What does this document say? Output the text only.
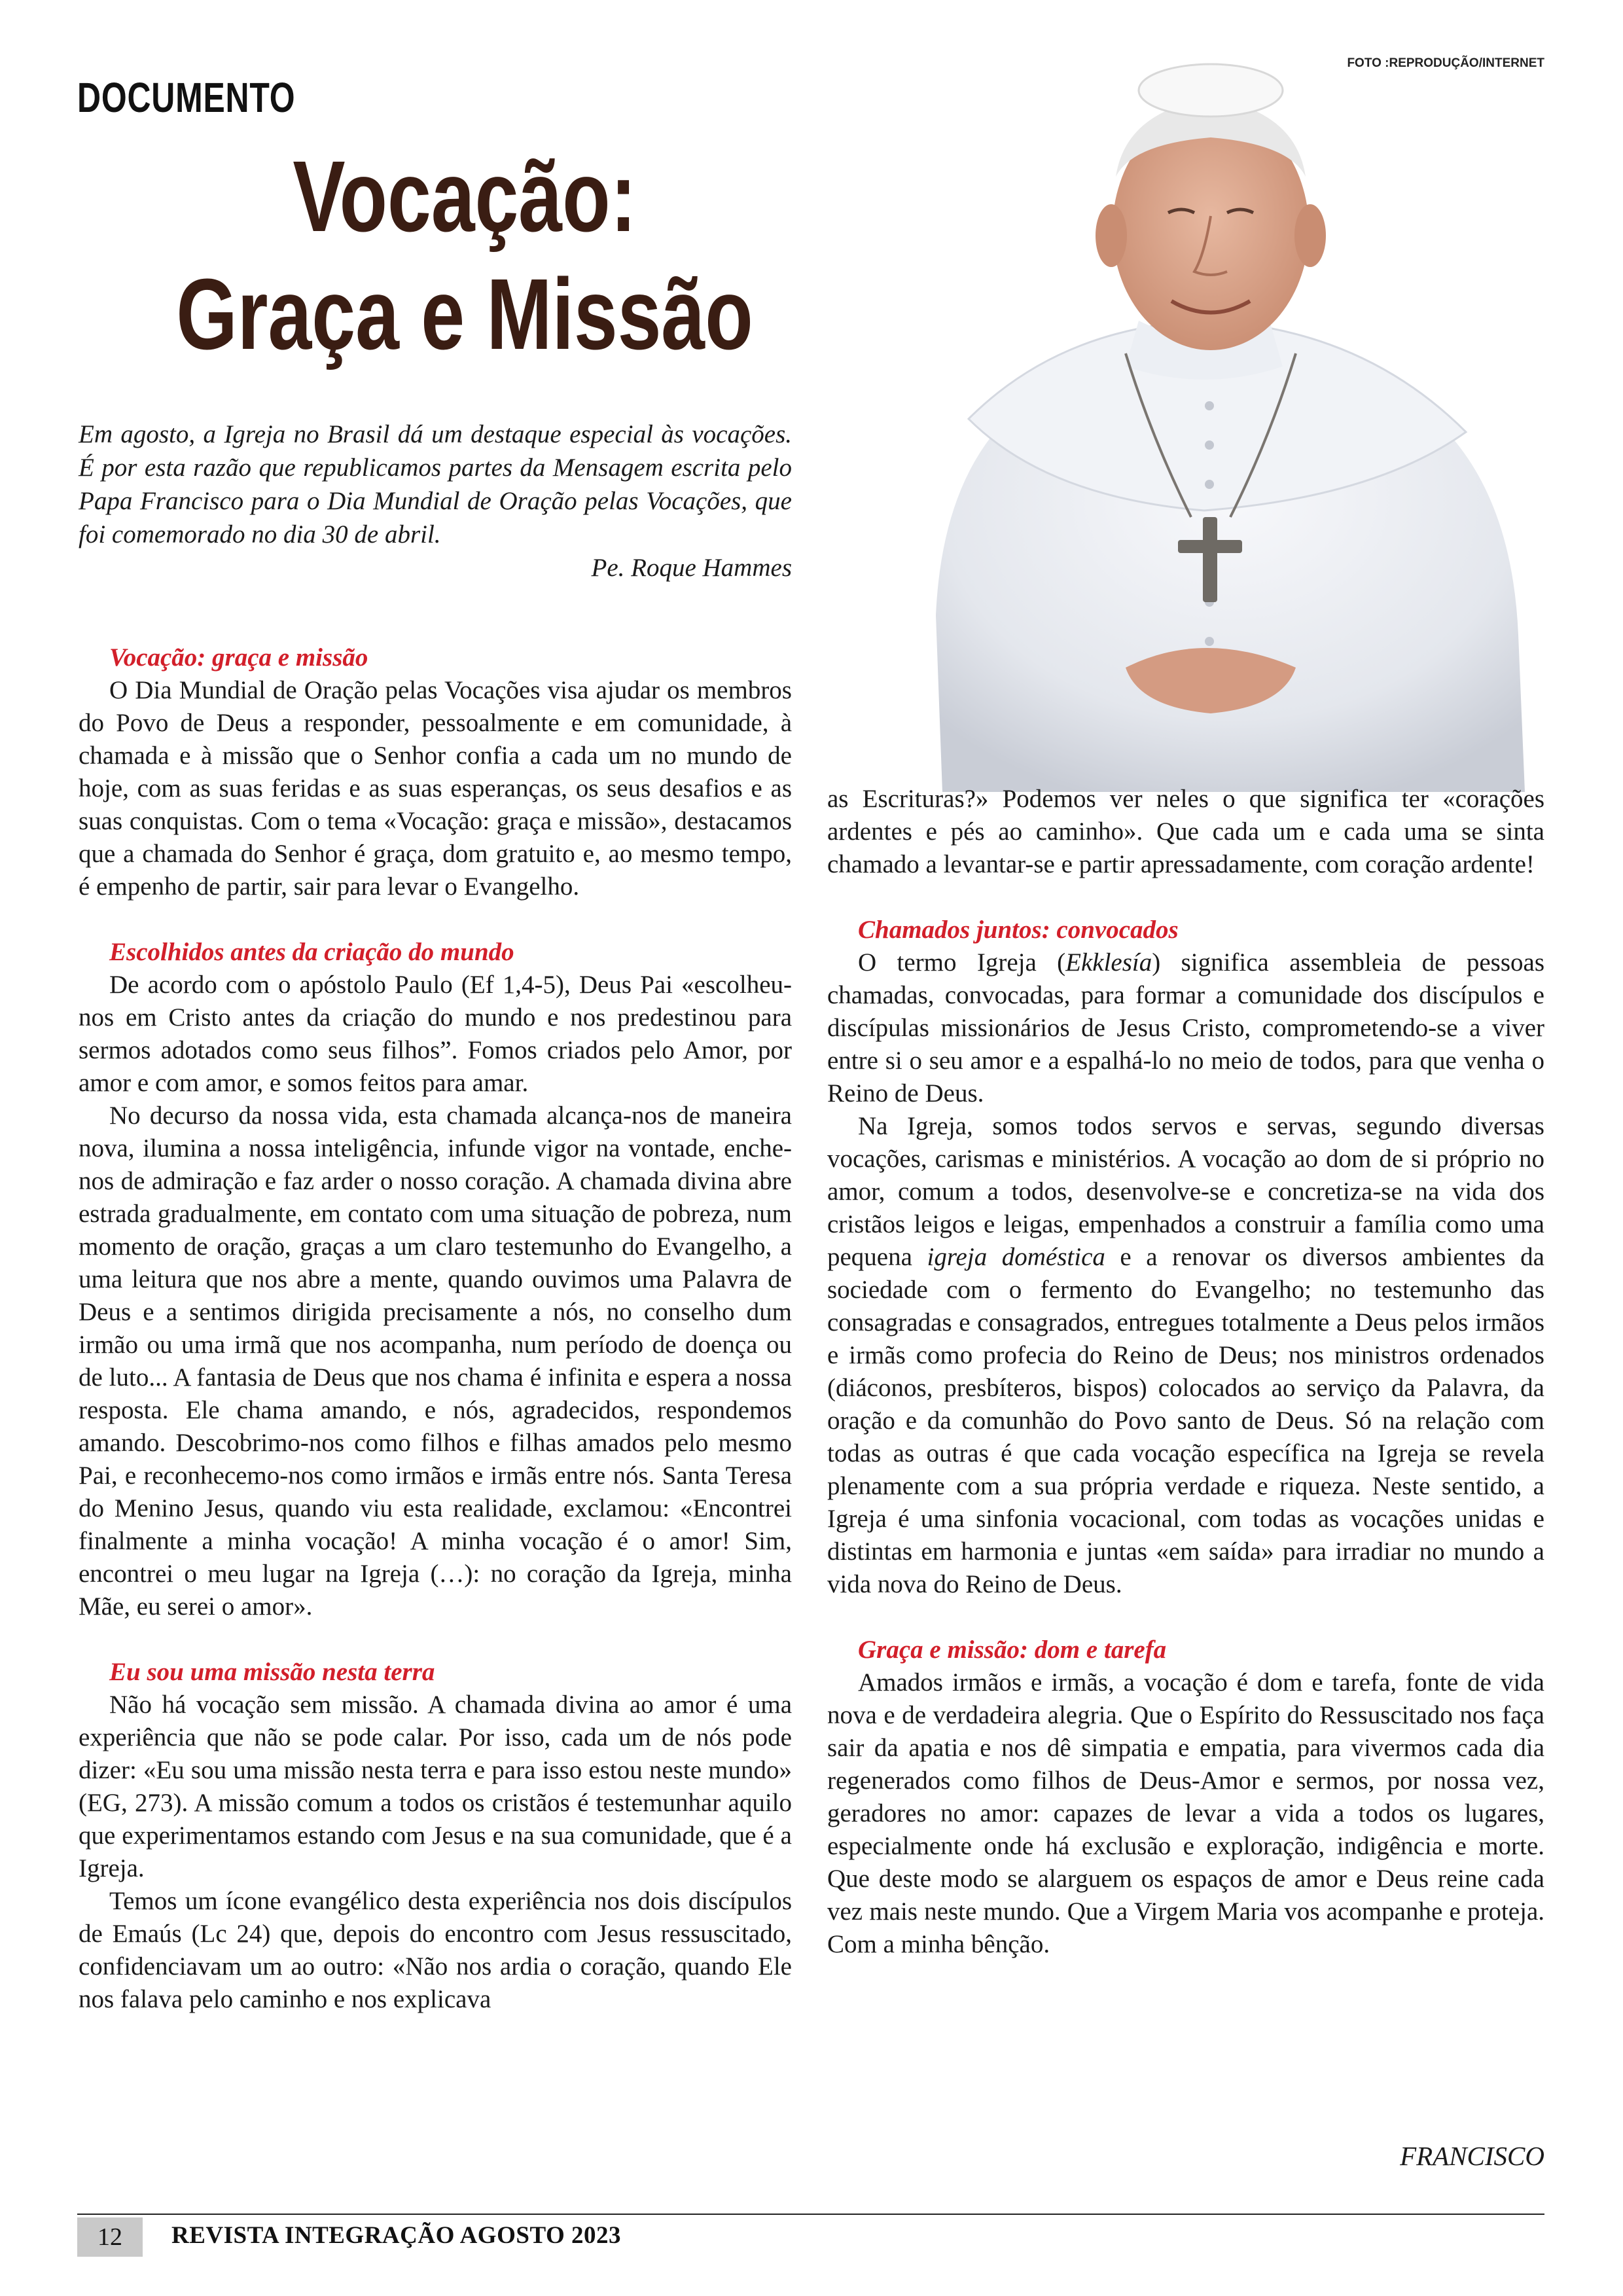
DOCUMENTO
FOTO :REPRODUÇÃO/INTERNET
Vocação:
Graça e Missão

Em agosto, a Igreja no Brasil dá um destaque especial às vocações. É por esta razão que republicamos partes da Mensagem escrita pelo Papa Francisco para o Dia Mundial de Oração pelas Vocações, que foi comemorado no dia 30 de abril.

Pe. Roque Hammes

Vocação: graça e missão

O Dia Mundial de Oração pelas Vocações visa ajudar os membros do Povo de Deus a responder, pessoalmente e em comunidade, à chamada e à missão que o Senhor confia a cada um no mundo de hoje, com as suas feridas e as suas esperanças, os seus desafios e as suas conquistas. Com o tema «Vocação: graça e missão», destacamos que a chamada do Senhor é graça, dom gratuito e, ao mesmo tempo, é empenho de partir, sair para levar o Evangelho.

Escolhidos antes da criação do mundo

De acordo com o apóstolo Paulo (Ef 1,4-5), Deus Pai «escolheu-nos em Cristo antes da criação do mundo e nos predestinou para sermos adotados como seus filhos”. Fomos criados pelo Amor, por amor e com amor, e somos feitos para amar.

No decurso da nossa vida, esta chamada alcança-nos de maneira nova, ilumina a nossa inteligência, infunde vigor na vontade, enche-nos de admiração e faz arder o nosso coração. A chamada divina abre estrada gradualmente, em contato com uma situação de pobreza, num momento de oração, graças a um claro testemunho do Evangelho, a uma leitura que nos abre a mente, quando ouvimos uma Palavra de Deus e a sentimos dirigida precisamente a nós, no conselho dum irmão ou uma irmã que nos acompanha, num período de doença ou de luto... A fantasia de Deus que nos chama é infinita e espera a nossa resposta. Ele chama amando, e nós, agradecidos, respondemos amando. Descobrimo-nos como filhos e filhas amados pelo mesmo Pai, e reconhecemo-nos como irmãos e irmãs entre nós. Santa Teresa do Menino Jesus, quando viu esta realidade, exclamou: «Encontrei finalmente a minha vocação! A minha vocação é o amor! Sim, encontrei o meu lugar na Igreja (…): no coração da Igreja, minha Mãe, eu serei o amor».

Eu sou uma missão nesta terra

Não há vocação sem missão. A chamada divina ao amor é uma experiência que não se pode calar. Por isso, cada um de nós pode dizer: «Eu sou uma missão nesta terra e para isso estou neste mundo» (EG, 273). A missão comum a todos os cristãos é testemunhar aquilo que experimentamos estando com Jesus e na sua comunidade, que é a Igreja.

Temos um ícone evangélico desta experiência nos dois discípulos de Emaús (Lc 24) que, depois do encontro com Jesus ressuscitado, confidenciavam um ao outro: «Não nos ardia o coração, quando Ele nos falava pelo caminho e nos explicava

as Escrituras?» Podemos ver neles o que significa ter «corações ardentes e pés ao caminho». Que cada um e cada uma se sinta chamado a levantar-se e partir apressadamente, com coração ardente!

Chamados juntos: convocados

O termo Igreja (Ekklesía) significa assembleia de pessoas chamadas, convocadas, para formar a comunidade dos discípulos e discípulas missionários de Jesus Cristo, comprometendo-se a viver entre si o seu amor e a espalhá-lo no meio de todos, para que venha o Reino de Deus.

Na Igreja, somos todos servos e servas, segundo diversas vocações, carismas e ministérios. A vocação ao dom de si próprio no amor, comum a todos, desenvolve-se e concretiza-se na vida dos cristãos leigos e leigas, empenhados a construir a família como uma pequena igreja doméstica e a renovar os diversos ambientes da sociedade com o fermento do Evangelho; no testemunho das consagradas e consagrados, entregues totalmente a Deus pelos irmãos e irmãs como profecia do Reino de Deus; nos ministros ordenados (diáconos, presbíteros, bispos) colocados ao serviço da Palavra, da oração e da comunhão do Povo santo de Deus. Só na relação com todas as outras é que cada vocação específica na Igreja se revela plenamente com a sua própria verdade e riqueza. Neste sentido, a Igreja é uma sinfonia vocacional, com todas as vocações unidas e distintas em harmonia e juntas «em saída» para irradiar no mundo a vida nova do Reino de Deus.

Graça e missão: dom e tarefa

Amados irmãos e irmãs, a vocação é dom e tarefa, fonte de vida nova e de verdadeira alegria. Que o Espírito do Ressuscitado nos faça sair da apatia e nos dê simpatia e empatia, para vivermos cada dia regenerados como filhos de Deus-Amor e sermos, por nossa vez, geradores no amor: capazes de levar a vida a todos os lugares, especialmente onde há exclusão e exploração, indigência e morte. Que deste modo se alarguem os espaços de amor e Deus reine cada vez mais neste mundo. Que a Virgem Maria vos acompanhe e proteja. Com a minha bênção.

FRANCISCO
12	REVISTA INTEGRAÇÃO AGOSTO 2023
